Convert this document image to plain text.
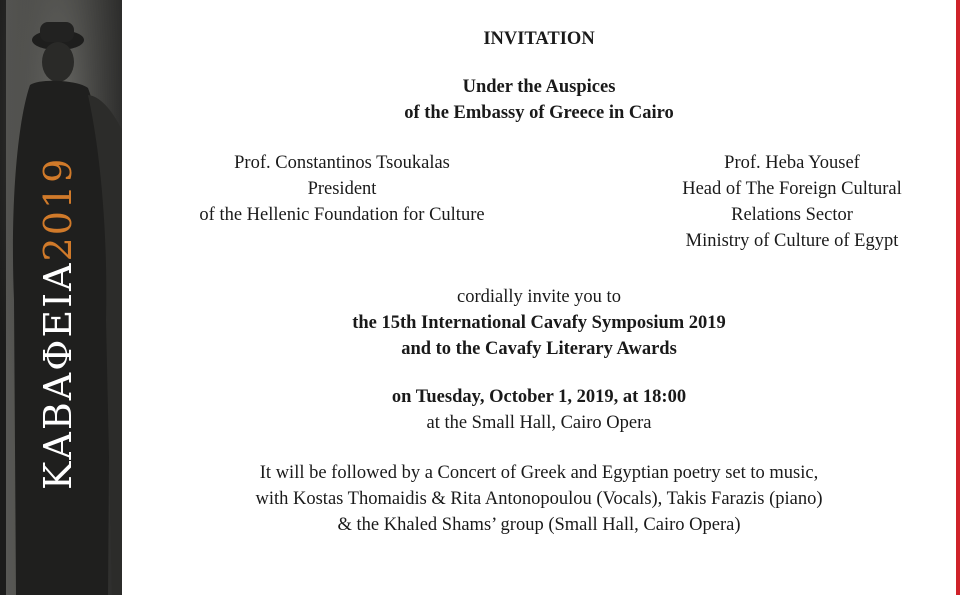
ΚΑΒΑΦΕΙΑ2019
INVITATION
Under the Auspices
of the Embassy of Greece in Cairo
Prof. Constantinos Tsoukalas
President
of the Hellenic Foundation for Culture
Prof. Heba Yousef
Head of The Foreign Cultural
Relations Sector
Ministry of Culture of Egypt
cordially invite you to
the 15th International Cavafy Symposium 2019
and to the Cavafy Literary Awards
on Tuesday, October 1, 2019, at 18:00
at the Small Hall, Cairo Opera
It will be followed by a Concert of Greek and Egyptian poetry set to music,
with Kostas Thomaidis & Rita Antonopoulou (Vocals), Takis Farazis (piano)
& the Khaled Shams’ group (Small Hall, Cairo Opera)
